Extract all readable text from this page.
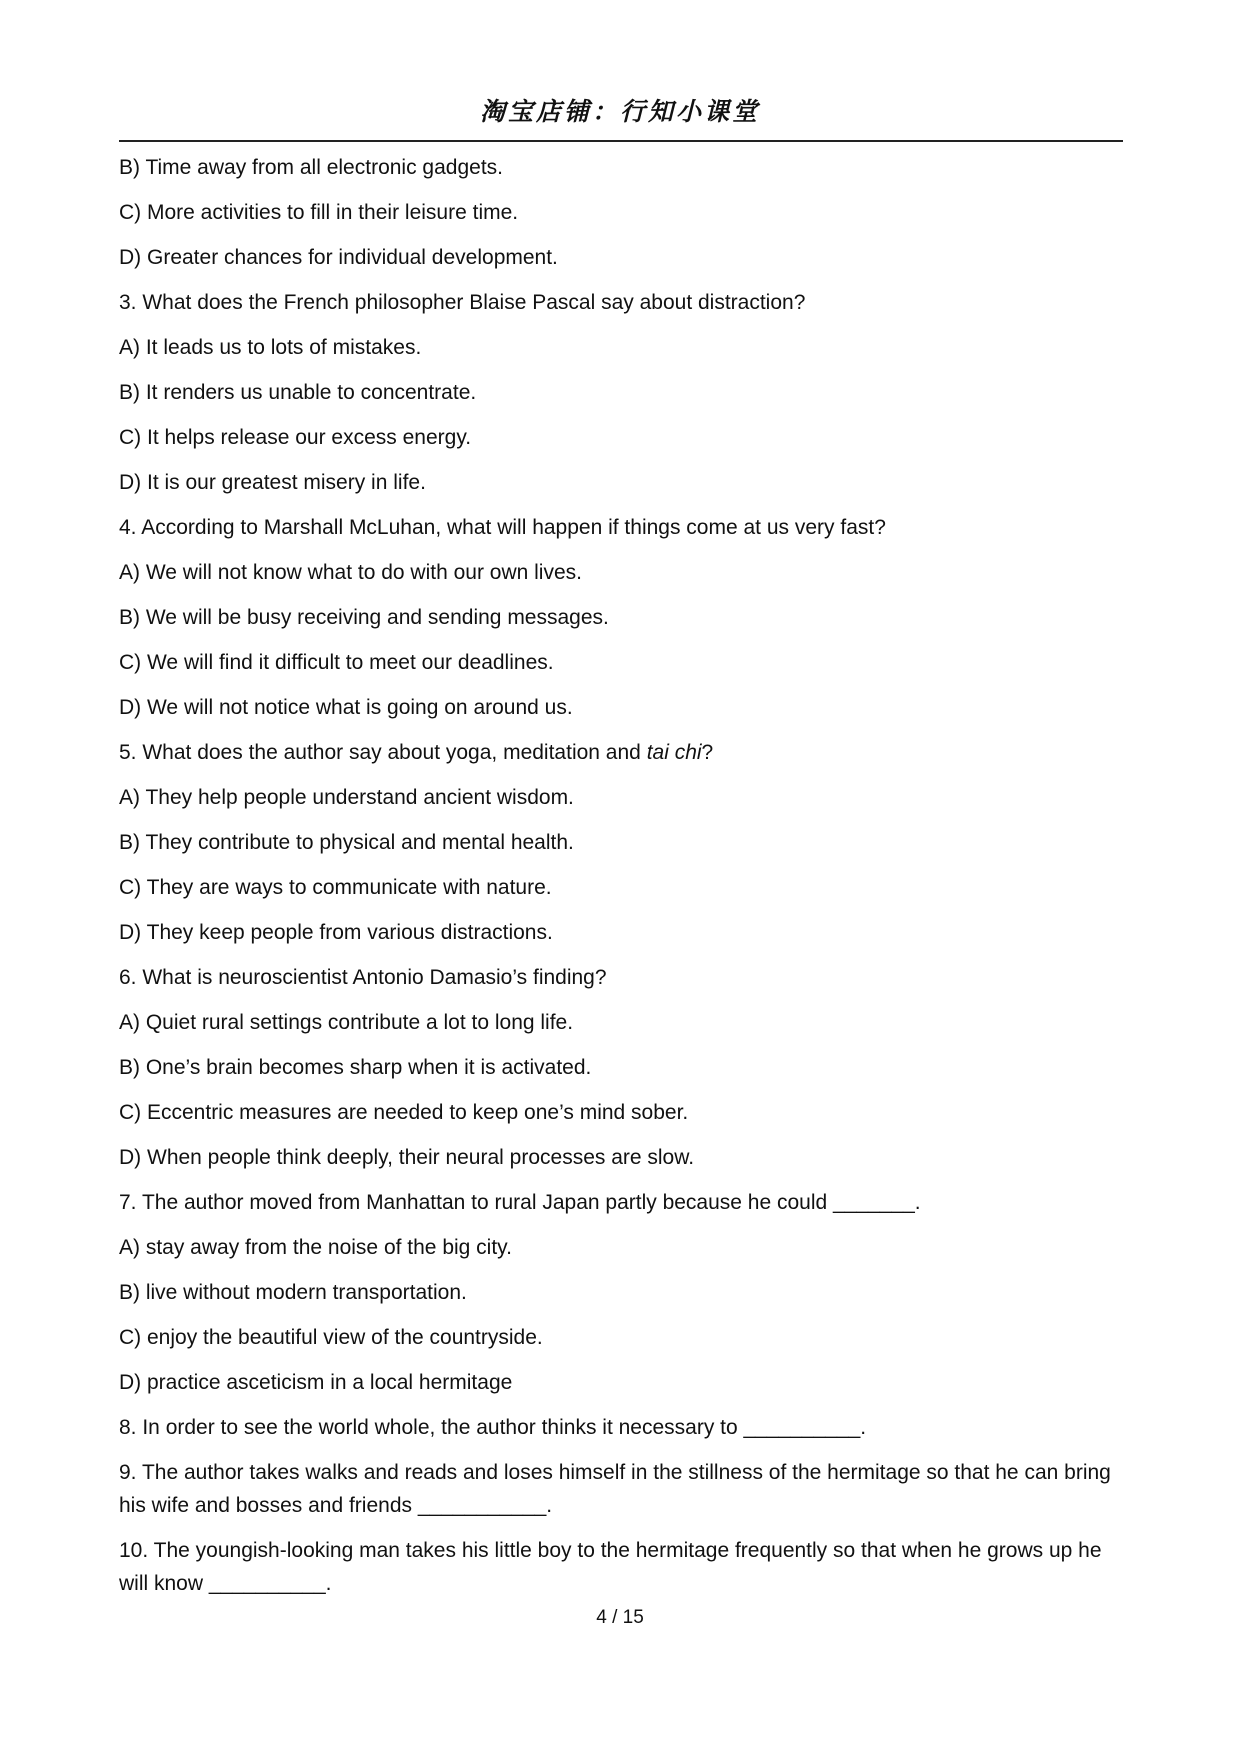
淘宝店铺：行知小课堂
B) Time away from all electronic gadgets.
C) More activities to fill in their leisure time.
D) Greater chances for individual development.
3. What does the French philosopher Blaise Pascal say about distraction?
A) It leads us to lots of mistakes.
B) It renders us unable to concentrate.
C) It helps release our excess energy.
D) It is our greatest misery in life.
4. According to Marshall McLuhan, what will happen if things come at us very fast?
A) We will not know what to do with our own lives.
B) We will be busy receiving and sending messages.
C) We will find it difficult to meet our deadlines.
D) We will not notice what is going on around us.
5. What does the author say about yoga, meditation and tai chi?
A) They help people understand ancient wisdom.
B) They contribute to physical and mental health.
C) They are ways to communicate with nature.
D) They keep people from various distractions.
6. What is neuroscientist Antonio Damasio’s finding?
A) Quiet rural settings contribute a lot to long life.
B) One’s brain becomes sharp when it is activated.
C) Eccentric measures are needed to keep one’s mind sober.
D) When people think deeply, their neural processes are slow.
7. The author moved from Manhattan to rural Japan partly because he could _______.
A) stay away from the noise of the big city.
B) live without modern transportation.
C) enjoy the beautiful view of the countryside.
D) practice asceticism in a local hermitage
8. In order to see the world whole, the author thinks it necessary to __________.
9. The author takes walks and reads and loses himself in the stillness of the hermitage so that he can bring his wife and bosses and friends ___________.
10. The youngish-looking man takes his little boy to the hermitage frequently so that when he grows up he will know __________.
4 / 15
